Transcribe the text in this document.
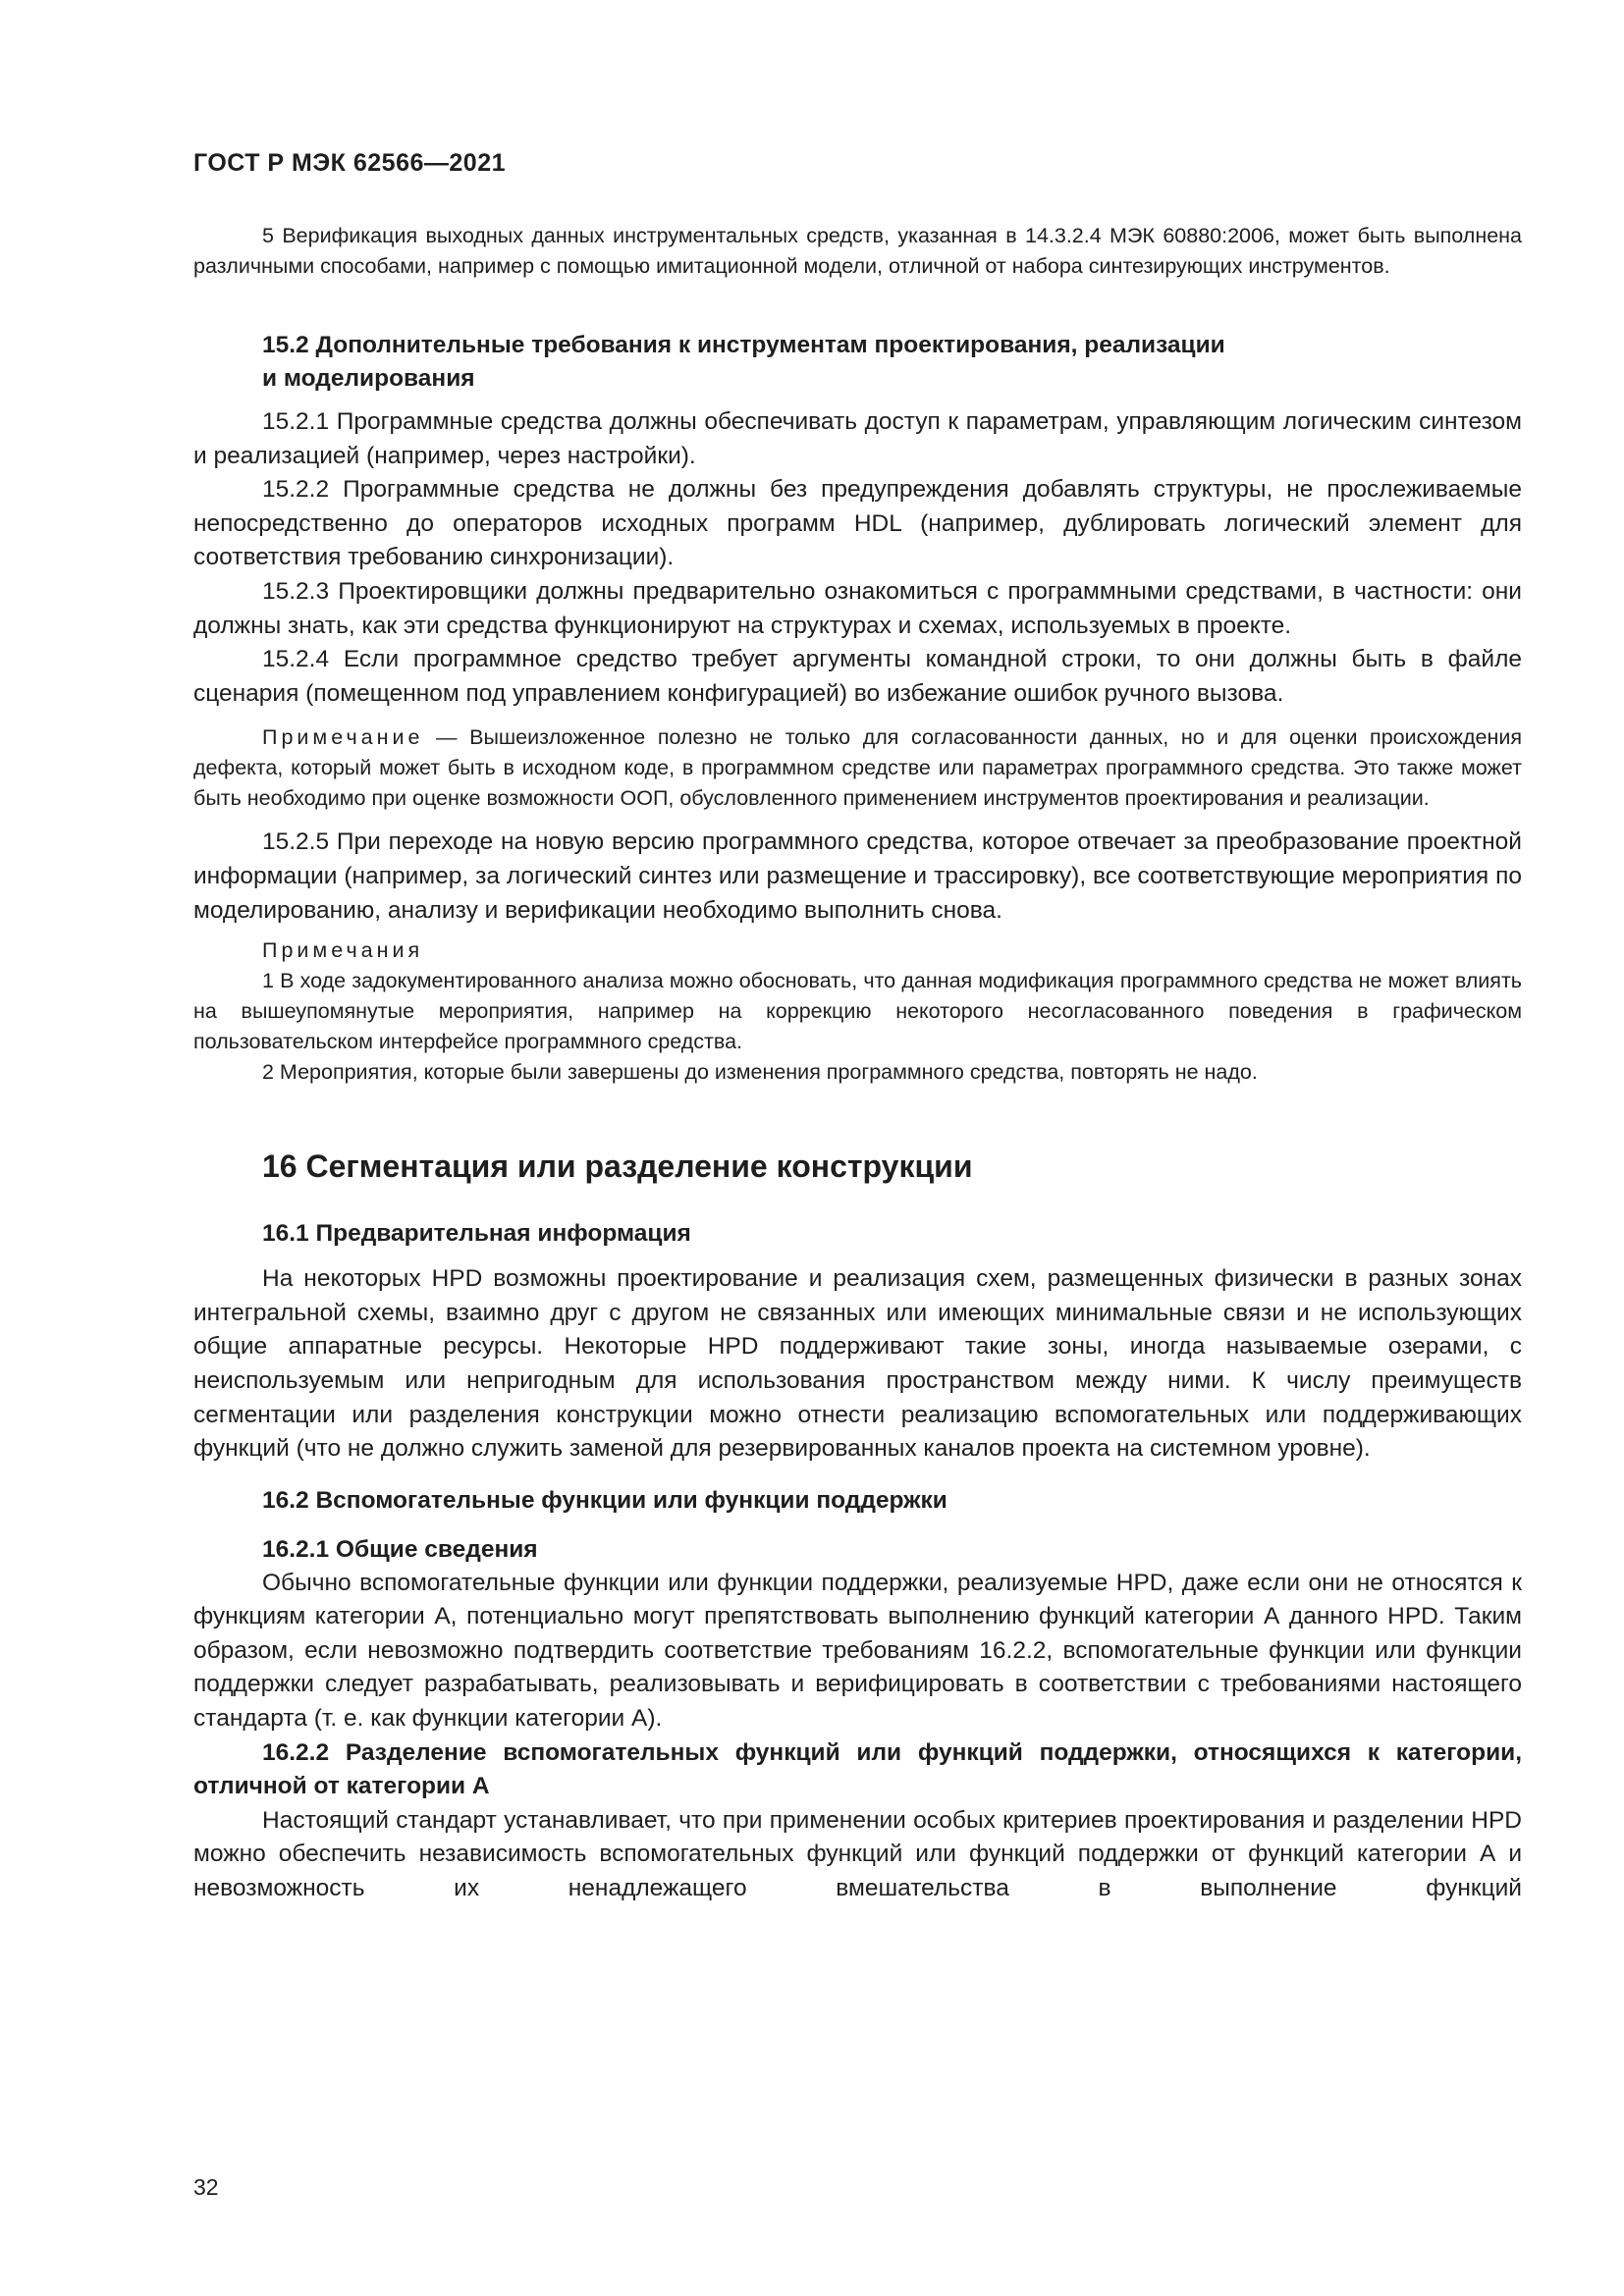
ГОСТ Р МЭК 62566—2021

5 Верификация выходных данных инструментальных средств, указанная в 14.3.2.4 МЭК 60880:2006, может быть выполнена различными способами, например с помощью имитационной модели, отличной от набора синтезирующих инструментов.

15.2 Дополнительные требования к инструментам проектирования, реализации
и моделирования

15.2.1 Программные средства должны обеспечивать доступ к параметрам, управляющим логическим синтезом и реализацией (например, через настройки).

15.2.2 Программные средства не должны без предупреждения добавлять структуры, не прослеживаемые непосредственно до операторов исходных программ HDL (например, дублировать логический элемент для соответствия требованию синхронизации).

15.2.3 Проектировщики должны предварительно ознакомиться с программными средствами, в частности: они должны знать, как эти средства функционируют на структурах и схемах, используемых в проекте.

15.2.4 Если программное средство требует аргументы командной строки, то они должны быть в файле сценария (помещенном под управлением конфигурацией) во избежание ошибок ручного вызова.

Примечание — Вышеизложенное полезно не только для согласованности данных, но и для оценки происхождения дефекта, который может быть в исходном коде, в программном средстве или параметрах программного средства. Это также может быть необходимо при оценке возможности ООП, обусловленного применением инструментов проектирования и реализации.

15.2.5 При переходе на новую версию программного средства, которое отвечает за преобразование проектной информации (например, за логический синтез или размещение и трассировку), все соответствующие мероприятия по моделированию, анализу и верификации необходимо выполнить снова.

Примечания

1 В ходе задокументированного анализа можно обосновать, что данная модификация программного средства не может влиять на вышеупомянутые мероприятия, например на коррекцию некоторого несогласованного поведения в графическом пользовательском интерфейсе программного средства.

2 Мероприятия, которые были завершены до изменения программного средства, повторять не надо.

16 Сегментация или разделение конструкции
16.1 Предварительная информация

На некоторых HPD возможны проектирование и реализация схем, размещенных физически в разных зонах интегральной схемы, взаимно друг с другом не связанных или имеющих минимальные связи и не использующих общие аппаратные ресурсы. Некоторые HPD поддерживают такие зоны, иногда называемые озерами, с неиспользуемым или непригодным для использования пространством между ними. К числу преимуществ сегментации или разделения конструкции можно отнести реализацию вспомогательных или поддерживающих функций (что не должно служить заменой для резервированных каналов проекта на системном уровне).

16.2 Вспомогательные функции или функции поддержки
16.2.1 Общие сведения

Обычно вспомогательные функции или функции поддержки, реализуемые HPD, даже если они не относятся к функциям категории А, потенциально могут препятствовать выполнению функций категории А данного HPD. Таким образом, если невозможно подтвердить соответствие требованиям 16.2.2, вспомогательные функции или функции поддержки следует разрабатывать, реализовывать и верифицировать в соответствии с требованиями настоящего стандарта (т. е. как функции категории А).

16.2.2 Разделение вспомогательных функций или функций поддержки, относящихся к категории, отличной от категории А

Настоящий стандарт устанавливает, что при применении особых критериев проектирования и разделении HPD можно обеспечить независимость вспомогательных функций или функций поддержки от функций категории А и невозможность их ненадлежащего вмешательства в выполнение функций

32
